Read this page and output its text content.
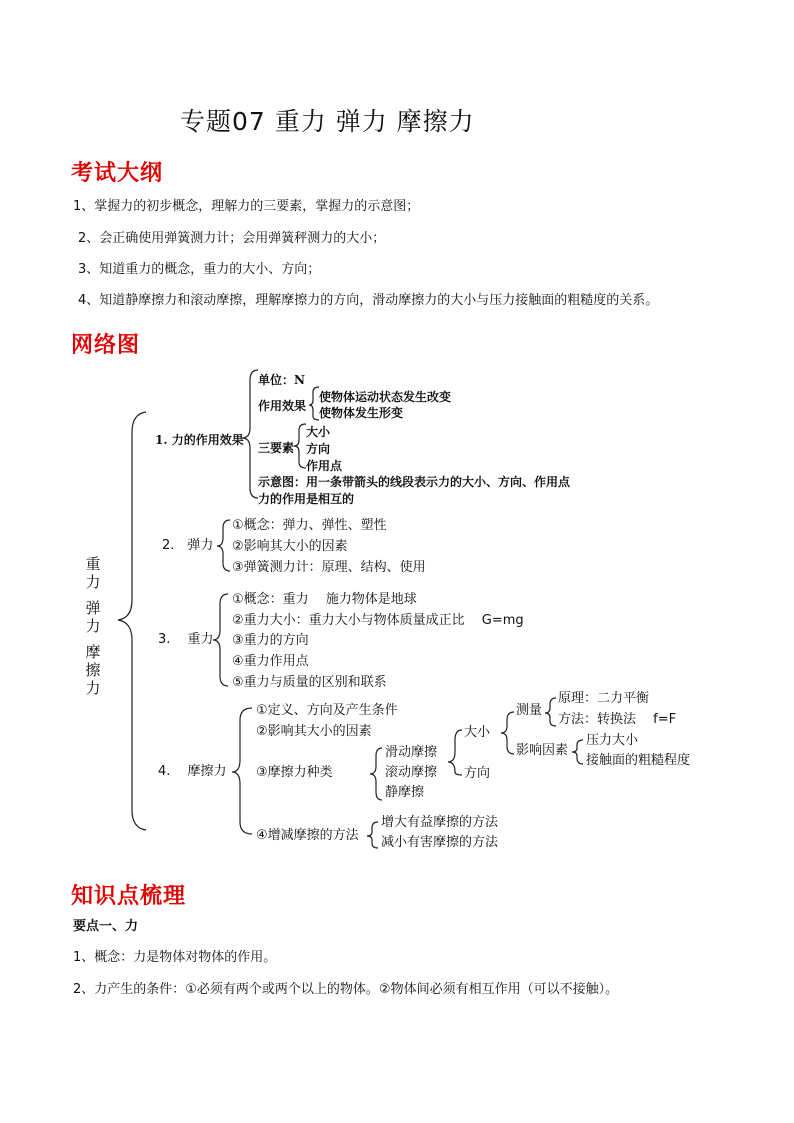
专题07 重力 弹力 摩擦力
考试大纲
1、掌握力的初步概念，理解力的三要素，掌握力的示意图；
2、会正确使用弹簧测力计；会用弹簧秤测力的大小；
3、知道重力的概念，重力的大小、方向；
4、知道静摩擦力和滚动摩擦，理解摩擦力的方向，滑动摩擦力的大小与压力接触面的粗糙度的关系。
网络图
重力
弹力
摩擦力
1. 力的作用效果
单位：N
作用效果
使物体运动状态发生改变
使物体发生形变
三要素
大小
方向
作用点
示意图：用一条带箭头的线段表示力的大小、方向、作用点
力的作用是相互的
2.　弹力
①概念：弹力、弹性、塑性
②影响其大小的因素
③弹簧测力计：原理、结构、使用
3.　 重力
①概念：重力　 施力物体是地球
②重力大小：重力大小与物体质量成正比　 G=mg
③重力的方向
④重力作用点
⑤重力与质量的区别和联系
4.　 摩擦力
①定义、方向及产生条件
②影响其大小的因素
③摩擦力种类
滑动摩擦
滚动摩擦
静摩擦
大小
方向
测量
原理：二力平衡
方法：转换法　 f=F
影响因素
压力大小
接触面的粗糙程度
④增减摩擦的方法
增大有益摩擦的方法
减小有害摩擦的方法
知识点梳理
要点一、力
1、概念：力是物体对物体的作用。
2、力产生的条件：①必须有两个或两个以上的物体。②物体间必须有相互作用（可以不接触）。
